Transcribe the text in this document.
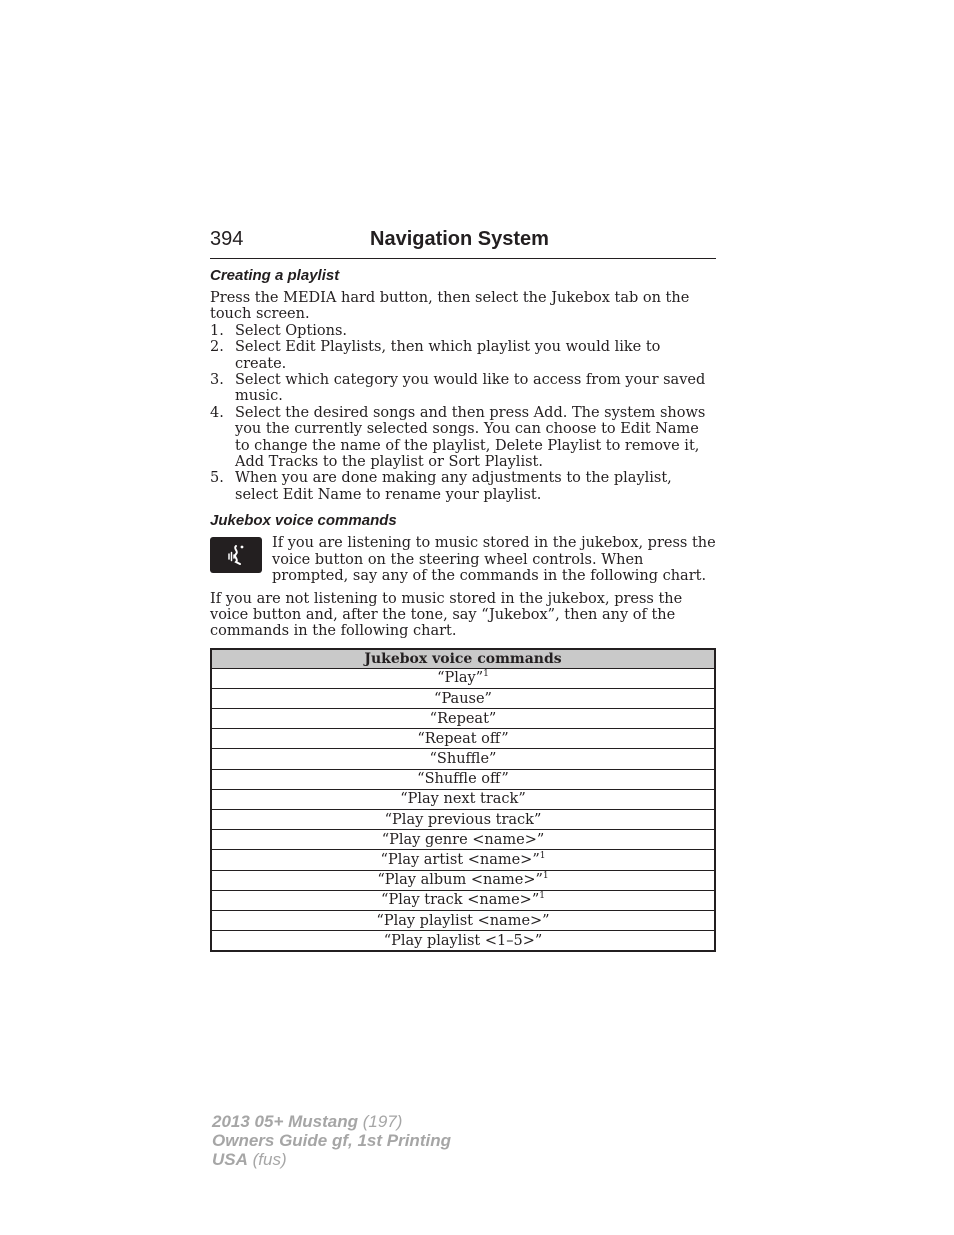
394	Navigation System
Creating a playlist

Press the MEDIA hard button, then select the Jukebox tab on the touch screen.

1. Select Options.
2. Select Edit Playlists, then which playlist you would like to create.
3. Select which category you would like to access from your saved music.
4. Select the desired songs and then press Add. The system shows you the currently selected songs. You can choose to Edit Name to change the name of the playlist, Delete Playlist to remove it, Add Tracks to the playlist or Sort Playlist.
5. When you are done making any adjustments to the playlist, select Edit Name to rename your playlist.
Jukebox voice commands

If you are listening to music stored in the jukebox, press the voice button on the steering wheel controls. When prompted, say any of the commands in the following chart.

If you are not listening to music stored in the jukebox, press the voice button and, after the tone, say “Jukebox”, then any of the commands in the following chart.

Jukebox voice commands
“Play”$^1$
“Pause”
“Repeat”
“Repeat off”
“Shuffle”
“Shuffle off”
“Play next track”
“Play previous track”
“Play genre <name>”
“Play artist <name>”$^1$
“Play album <name>”$^1$
“Play track <name>”$^1$
“Play playlist <name>”
“Play playlist <1–5>”
2013 05+ Mustang (197)
Owners Guide gf, 1st Printing
USA (fus)
